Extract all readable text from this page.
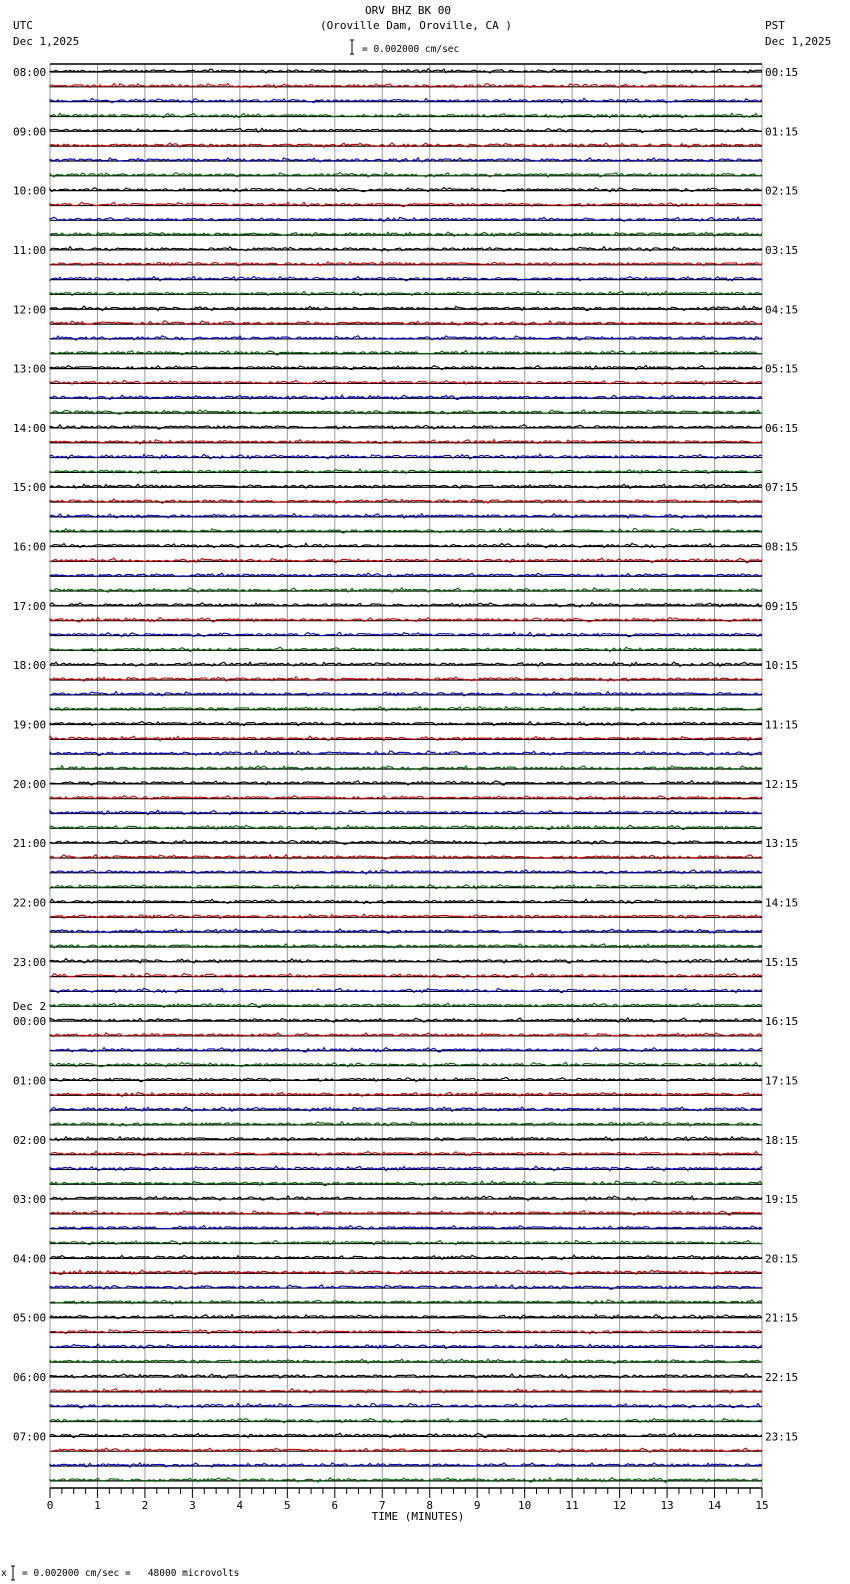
ORV BHZ BK 00
(Oroville Dam, Oroville, CA )
UTC
Dec 1,2025
PST
Dec 1,2025
= 0.002000 cm/sec
08:00
09:00
10:00
11:00
12:00
13:00
14:00
15:00
16:00
17:00
18:00
19:00
20:00
21:00
22:00
23:00
00:00
Dec 2
01:00
02:00
03:00
04:00
05:00
06:00
07:00
00:15
01:15
02:15
03:15
04:15
05:15
06:15
07:15
08:15
09:15
10:15
11:15
12:15
13:15
14:15
15:15
16:15
17:15
18:15
19:15
20:15
21:15
22:15
23:15
0	1	2	3	4	5	6	7	8	9	10	11	12	13	14	15
TIME (MINUTES)
x = 0.002000 cm/sec =   48000 microvolts
